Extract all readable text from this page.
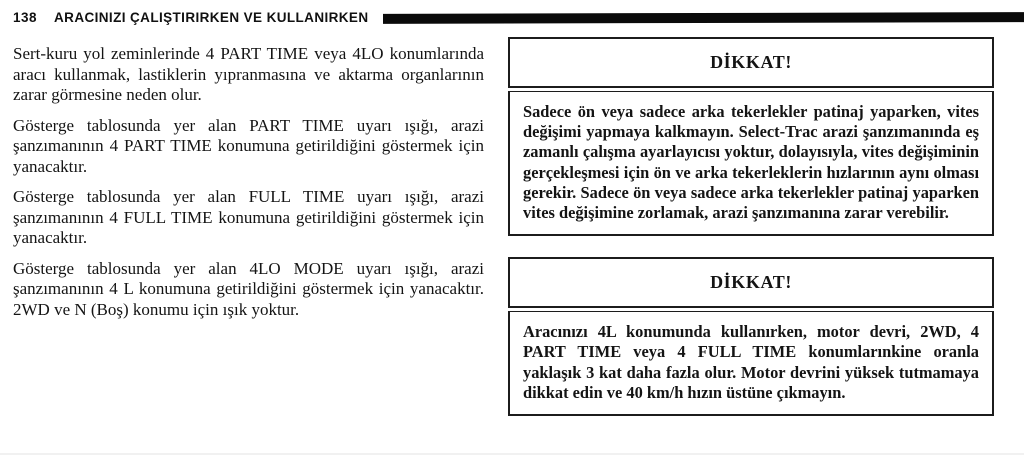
138 ARACINIZI ÇALIŞTIRIRKEN VE KULLANIRKEN

Sert-kuru yol zeminlerinde 4 PART TIME veya 4LO konumlarında aracı kullanmak, lastiklerin yıpranmasına ve aktarma organlarının zarar görmesine neden olur.

Gösterge tablosunda yer alan PART TIME uyarı ışığı, arazi şanzımanının 4 PART TIME konumuna getirildiğini göstermek için yanacaktır.

Gösterge tablosunda yer alan FULL TIME uyarı ışığı, arazi şanzımanının 4 FULL TIME konumuna getirildiğini göstermek için yanacaktır.

Gösterge tablosunda yer alan 4LO MODE uyarı ışığı, arazi şanzımanının 4 L konumuna getirildiğini göstermek için yanacaktır. 2WD ve N (Boş) konumu için ışık yoktur.

DİKKAT!
Sadece ön veya sadece arka tekerlekler patinaj yaparken, vites değişimi yapmaya kalkmayın. Select-Trac arazi şanzımanında eş zamanlı çalışma ayarlayıcısı yoktur, dolayısıyla, vites değişiminin gerçekleşmesi için ön ve arka tekerleklerin hızlarının aynı olması gerekir. Sadece ön veya sadece arka tekerlekler patinaj yaparken vites değişimine zorlamak, arazi şanzımanına zarar verebilir.
DİKKAT!
Aracınızı 4L konumunda kullanırken, motor devri, 2WD, 4 PART TIME veya 4 FULL TIME konumlarınkine oranla yaklaşık 3 kat daha fazla olur. Motor devrini yüksek tutmamaya dikkat edin ve 40 km/h hızın üstüne çıkmayın.
